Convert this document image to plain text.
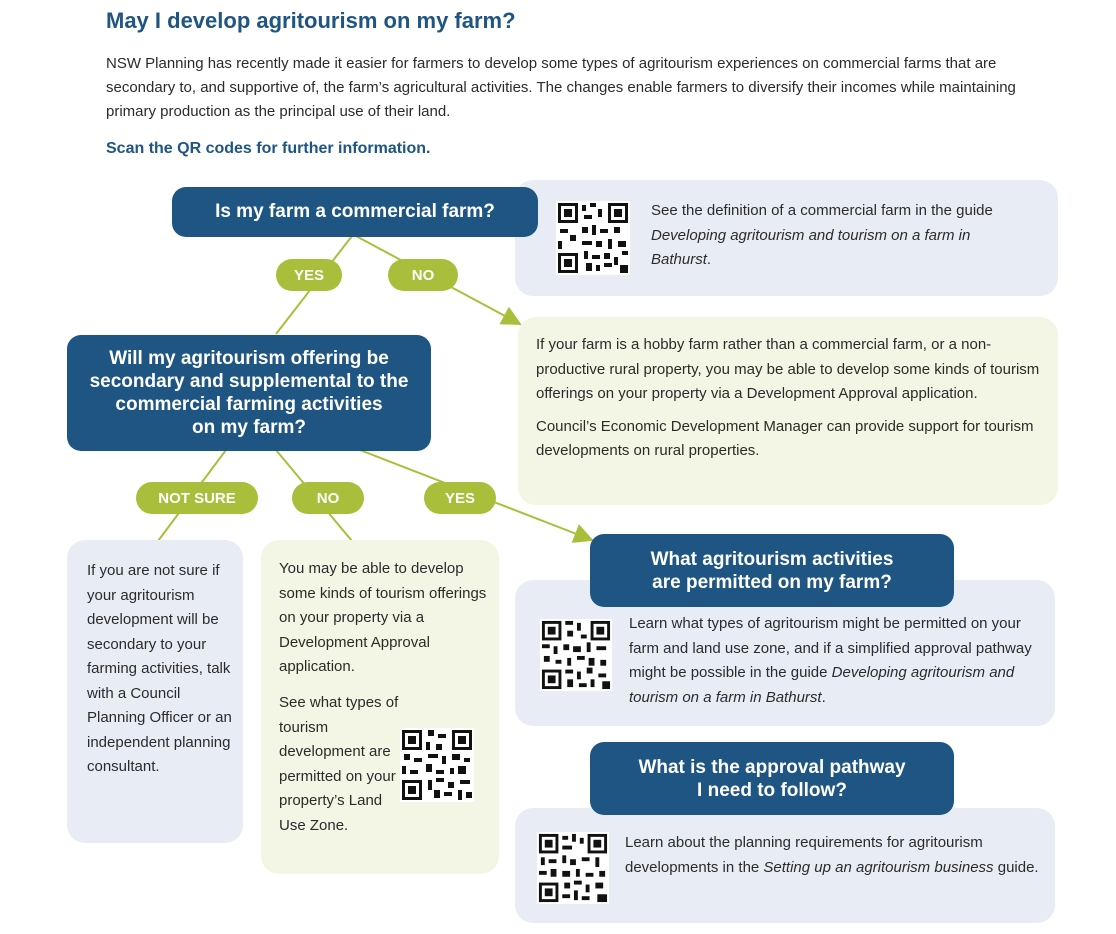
May I develop agritourism on my farm?

NSW Planning has recently made it easier for farmers to develop some types of agritourism experiences on commercial farms that are secondary to, and supportive of, the farm’s agricultural activities. The changes enable farmers to diversify their incomes while maintaining primary production as the principal use of their land.

Scan the QR codes for further information.
Is my farm a commercial farm?	See the definition of a commercial farm in the guide Developing agritourism and tourism on a farm in Bathurst.
YES	NO

If your farm is a hobby farm rather than a commercial farm, or a non-productive rural property, you may be able to develop some kinds of tourism offerings on your property via a Development Approval application.

Council’s Economic Development Manager can provide support for tourism developments on rural properties.

Will my agritourism offering be
secondary and supplemental to the
commercial farming activities
on my farm?
NOT SURE	NO	YES
If you are not sure if your agritourism development will be secondary to your farming activities, talk with a Council Planning Officer or an independent planning consultant.
You may be able to develop some kinds of tourism offerings on your property via a Development Approval application.
See what types of tourism development are permitted on your property’s Land Use Zone.
What agritourism activities
are permitted on my farm?
Learn what types of agritourism might be permitted on your farm and land use zone, and if a simplified approval pathway might be possible in the guide Developing agritourism and tourism on a farm in Bathurst.
What is the approval pathway
I need to follow?
Learn about the planning requirements for agritourism developments in the Setting up an agritourism business guide.
